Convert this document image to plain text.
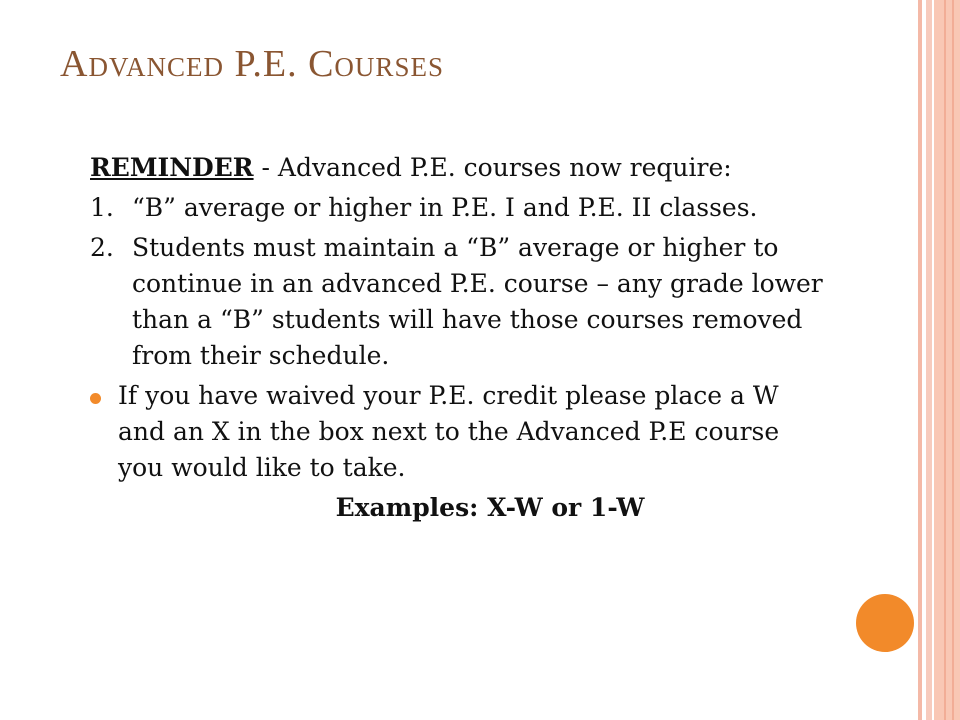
Advanced P.E. Courses

REMINDER - Advanced P.E. courses now require:

1. “B” average or higher in P.E. I and P.E. II classes.
2. Students must maintain a “B” average or higher to continue in an advanced P.E. course – any grade lower than a “B” students will have those courses removed from their schedule.
If you have waived your P.E. credit please place a W and an X in the box next to the Advanced P.E course you would like to take.
Examples: X-W or 1-W
